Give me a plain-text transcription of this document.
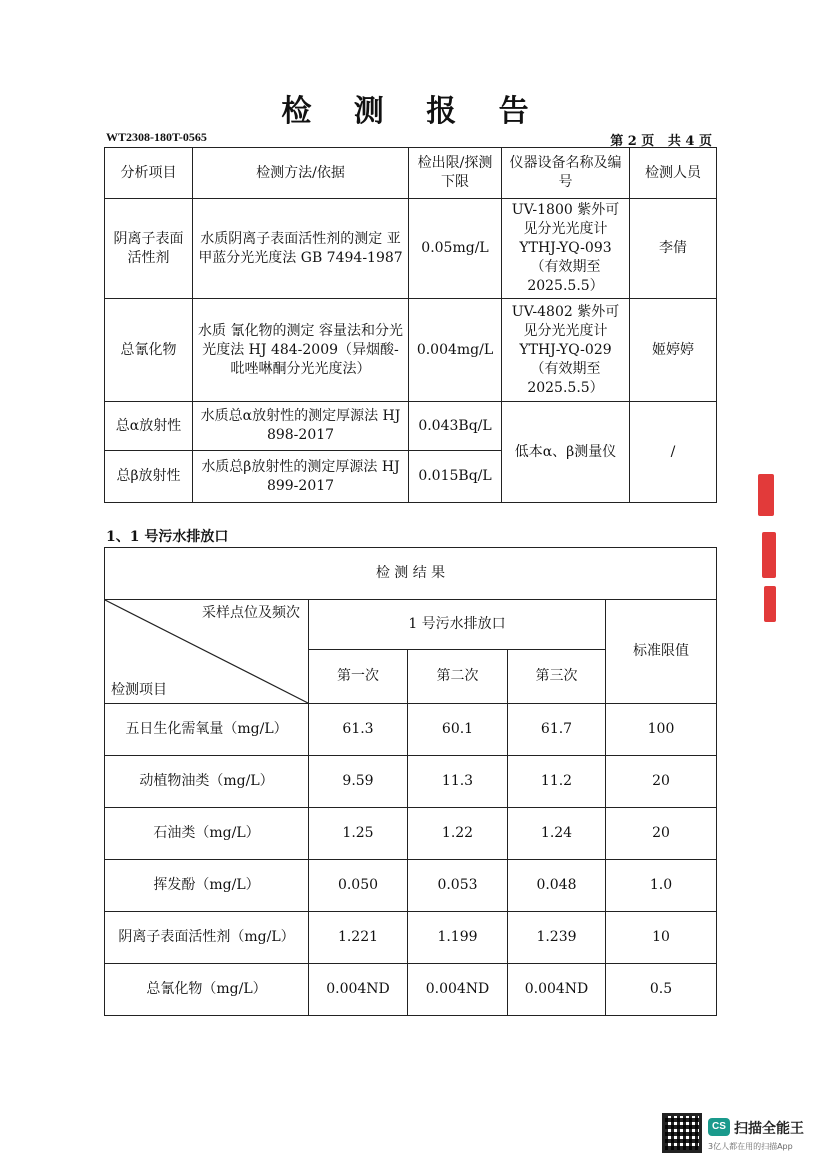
检 测 报 告
WT2308-180T-0565	第 2 页 共 4 页
分析项目	检测方法/依据	检出限/探测下限	仪器设备名称及编号	检测人员
阴离子表面活性剂	水质阴离子表面活性剂的测定 亚甲蓝分光光度法 GB 7494-1987	0.05mg/L	UV-1800 紫外可见分光光度计 YTHJ-YQ-093 （有效期至 2025.5.5）	李倩
总氰化物	水质 氰化物的测定 容量法和分光光度法 HJ 484-2009（异烟酸-吡唑啉酮分光光度法）	0.004mg/L	UV-4802 紫外可见分光光度计 YTHJ-YQ-029 （有效期至 2025.5.5）	姬婷婷
总α放射性	水质总α放射性的测定厚源法 HJ 898-2017	0.043Bq/L	低本α、β测量仪	/
总β放射性	水质总β放射性的测定厚源法 HJ 899-2017	0.015Bq/L		
1、1 号污水排放口
检 测 结 果				

采样点位及频次
检测项目	1 号污水排放口			标准限值
	第一次	第二次	第三次	
五日生化需氧量（mg/L）	61.3	60.1	61.7	100
动植物油类（mg/L）	9.59	11.3	11.2	20
石油类（mg/L）	1.25	1.22	1.24	20
挥发酚（mg/L）	0.050	0.053	0.048	1.0
阴离子表面活性剂（mg/L）	1.221	1.199	1.239	10
总氰化物（mg/L）	0.004ND	0.004ND	0.004ND	0.5
CS 扫描全能王
3亿人都在用的扫描App
